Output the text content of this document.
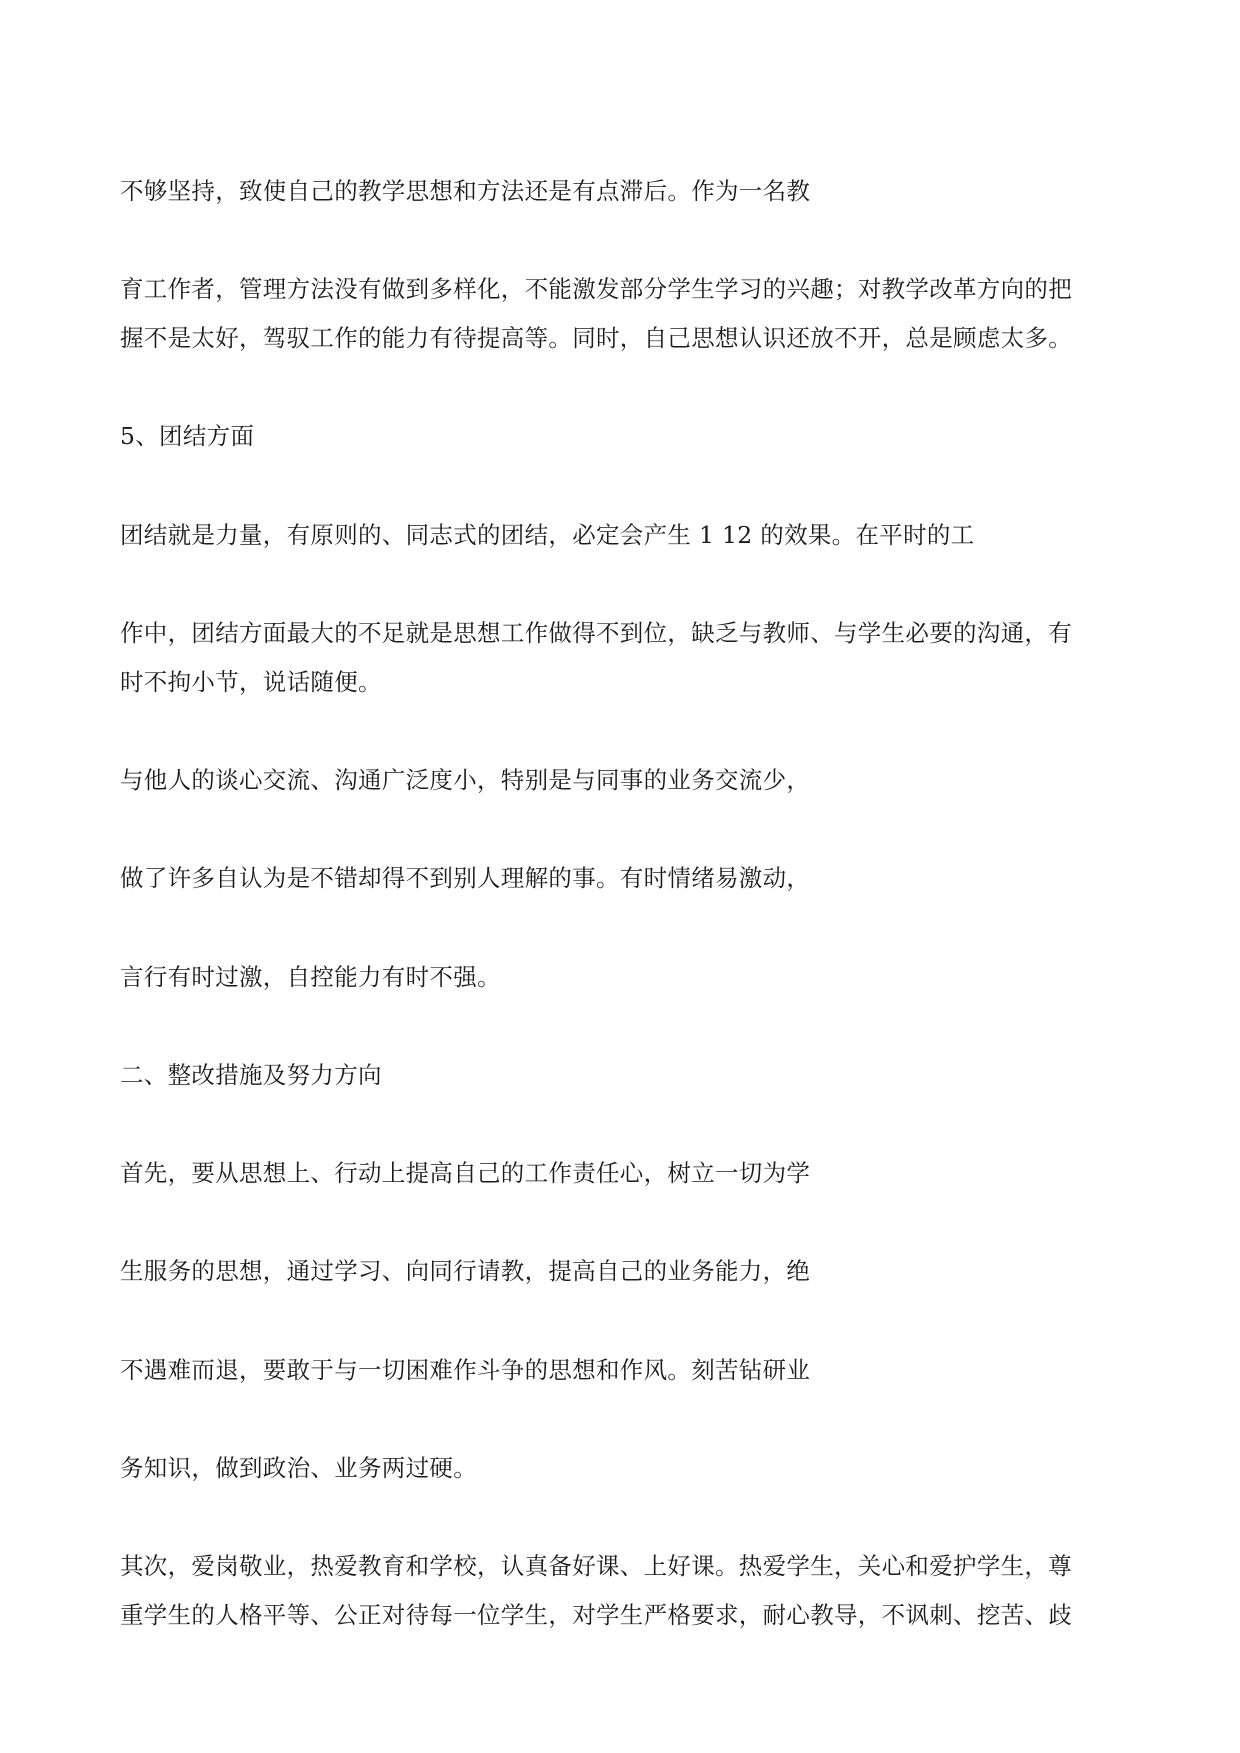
不够坚持，致使自己的教学思想和方法还是有点滞后。作为一名教
育工作者，管理方法没有做到多样化，不能激发部分学生学习的兴趣；对教学改革方向的把
握不是太好，驾驭工作的能力有待提高等。同时，自己思想认识还放不开，总是顾虑太多。
5、团结方面
团结就是力量，有原则的、同志式的团结，必定会产生 1 12 的效果。在平时的工
作中，团结方面最大的不足就是思想工作做得不到位，缺乏与教师、与学生必要的沟通，有
时不拘小节，说话随便。
与他人的谈心交流、沟通广泛度小，特别是与同事的业务交流少，
做了许多自认为是不错却得不到别人理解的事。有时情绪易激动，
言行有时过激，自控能力有时不强。
二、整改措施及努力方向
首先，要从思想上、行动上提高自己的工作责任心，树立一切为学
生服务的思想，通过学习、向同行请教，提高自己的业务能力，绝
不遇难而退，要敢于与一切困难作斗争的思想和作风。刻苦钻研业
务知识，做到政治、业务两过硬。
其次，爱岗敬业，热爱教育和学校，认真备好课、上好课。热爱学生，关心和爱护学生，尊
重学生的人格平等、公正对待每一位学生，对学生严格要求，耐心教导，不讽刺、挖苦、歧
